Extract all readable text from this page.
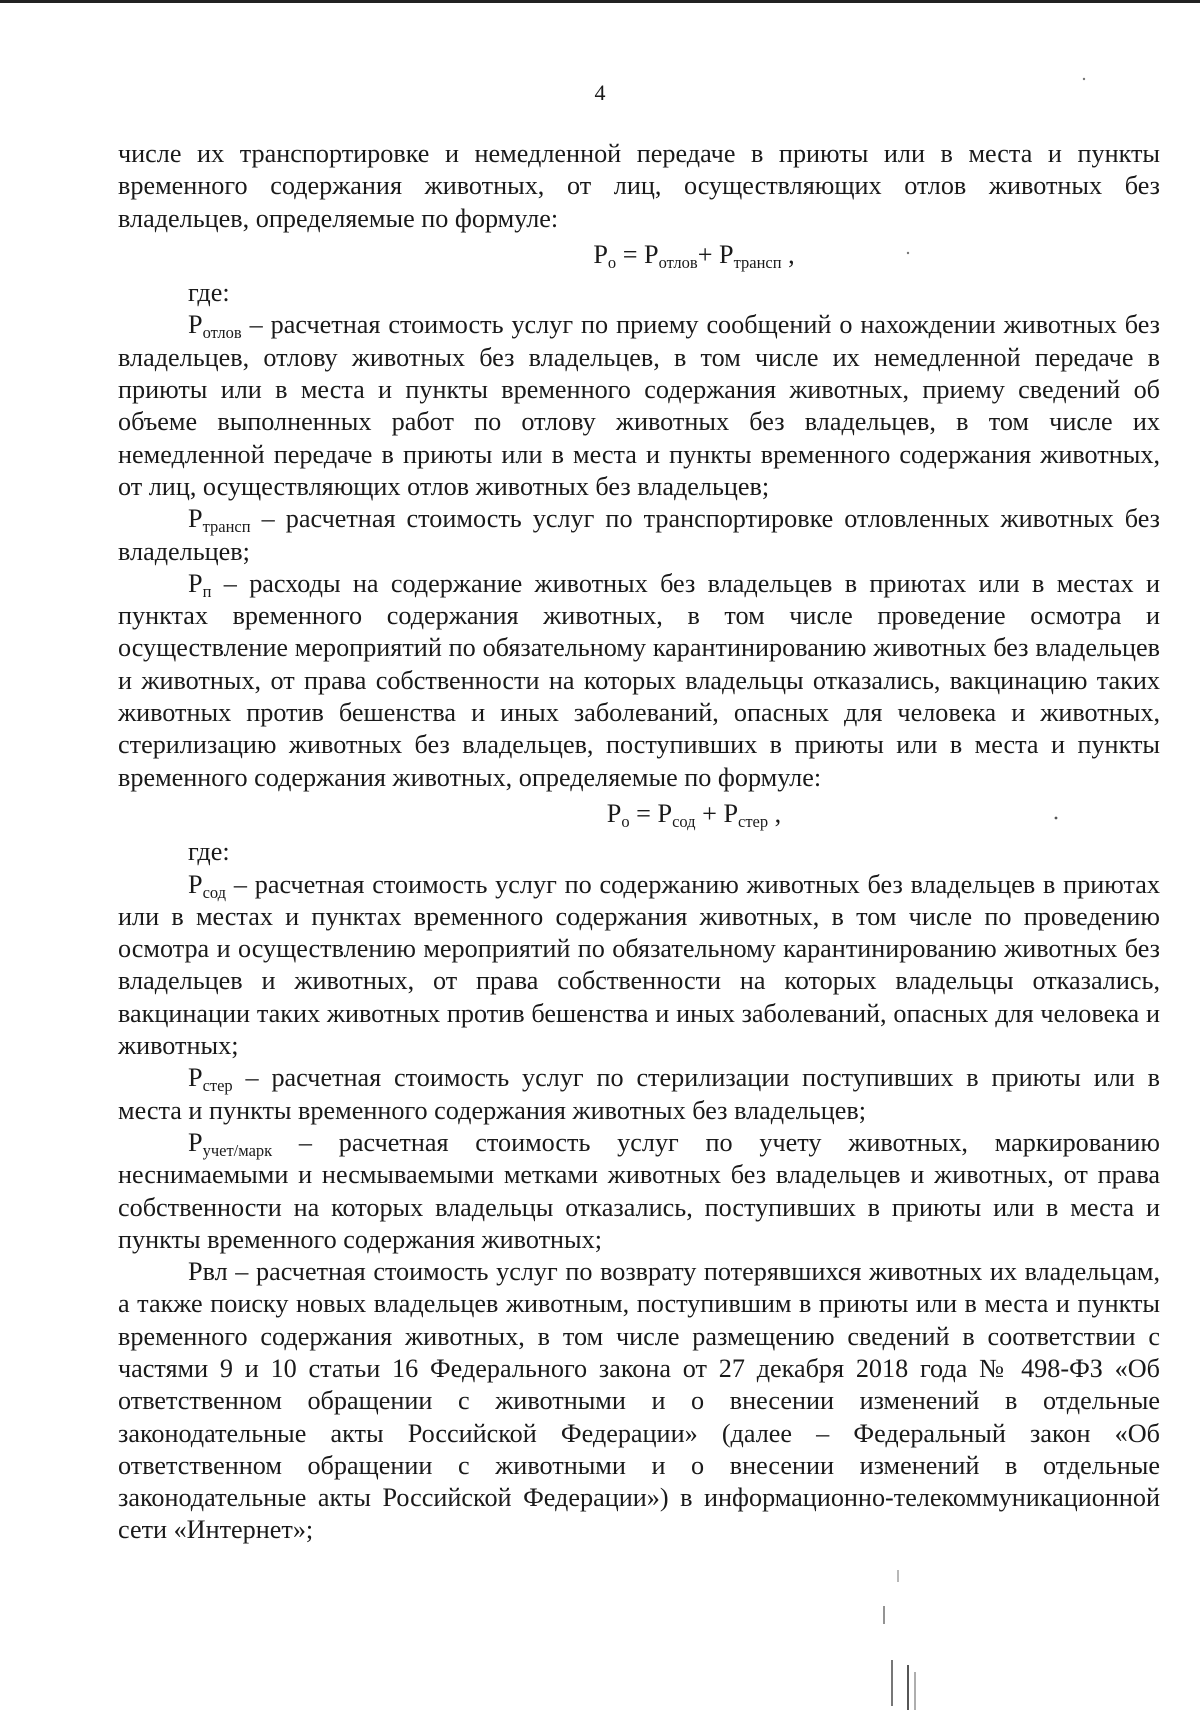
4

числе их транспортировке и немедленной передаче в приюты или в места и пункты временного содержания животных, от лиц, осуществляющих отлов животных без владельцев, определяемые по формуле:

$P_о = P_{отлов}+ P_{трансп}$ ,

где:

$P_{отлов}$ – расчетная стоимость услуг по приему сообщений о нахождении животных без владельцев, отлову животных без владельцев, в том числе их немедленной передаче в приюты или в места и пункты временного содержания животных, приему сведений об объеме выполненных работ по отлову животных без владельцев, в том числе их немедленной передаче в приюты или в места и пункты временного содержания животных, от лиц, осуществляющих отлов животных без владельцев;

$P_{трансп}$ – расчетная стоимость услуг по транспортировке отловленных животных без владельцев;

$P_п$ – расходы на содержание животных без владельцев в приютах или в местах и пунктах временного содержания животных, в том числе проведение осмотра и осуществление мероприятий по обязательному карантинированию животных без владельцев и животных, от права собственности на которых владельцы отказались, вакцинацию таких животных против бешенства и иных заболеваний, опасных для человека и животных, стерилизацию животных без владельцев, поступивших в приюты или в места и пункты временного содержания животных, определяемые по формуле:

$P_о = P_{сод} + P_{стер}$ ,

где:

$P_{сод}$ – расчетная стоимость услуг по содержанию животных без владельцев в приютах или в местах и пунктах временного содержания животных, в том числе по проведению осмотра и осуществлению мероприятий по обязательному карантинированию животных без владельцев и животных, от права собственности на которых владельцы отказались, вакцинации таких животных против бешенства и иных заболеваний, опасных для человека и животных;

$P_{стер}$ – расчетная стоимость услуг по стерилизации поступивших в приюты или в места и пункты временного содержания животных без владельцев;

$P_{учет/марк}$ – расчетная стоимость услуг по учету животных, маркированию неснимаемыми и несмываемыми метками животных без владельцев и животных, от права собственности на которых владельцы отказались, поступивших в приюты или в места и пункты временного содержания животных;

Рвл – расчетная стоимость услуг по возврату потерявшихся животных их владельцам, а также поиску новых владельцев животным, поступившим в приюты или в места и пункты временного содержания животных, в том числе размещению сведений в соответствии с частями 9 и 10 статьи 16 Федерального закона от 27 декабря 2018 года № 498-ФЗ «Об ответственном обращении с животными и о внесении изменений в отдельные законодательные акты Российской Федерации» (далее – Федеральный закон «Об ответственном обращении с животными и о внесении изменений в отдельные законодательные акты Российской Федерации») в информационно-телекоммуникационной сети «Интернет»;
